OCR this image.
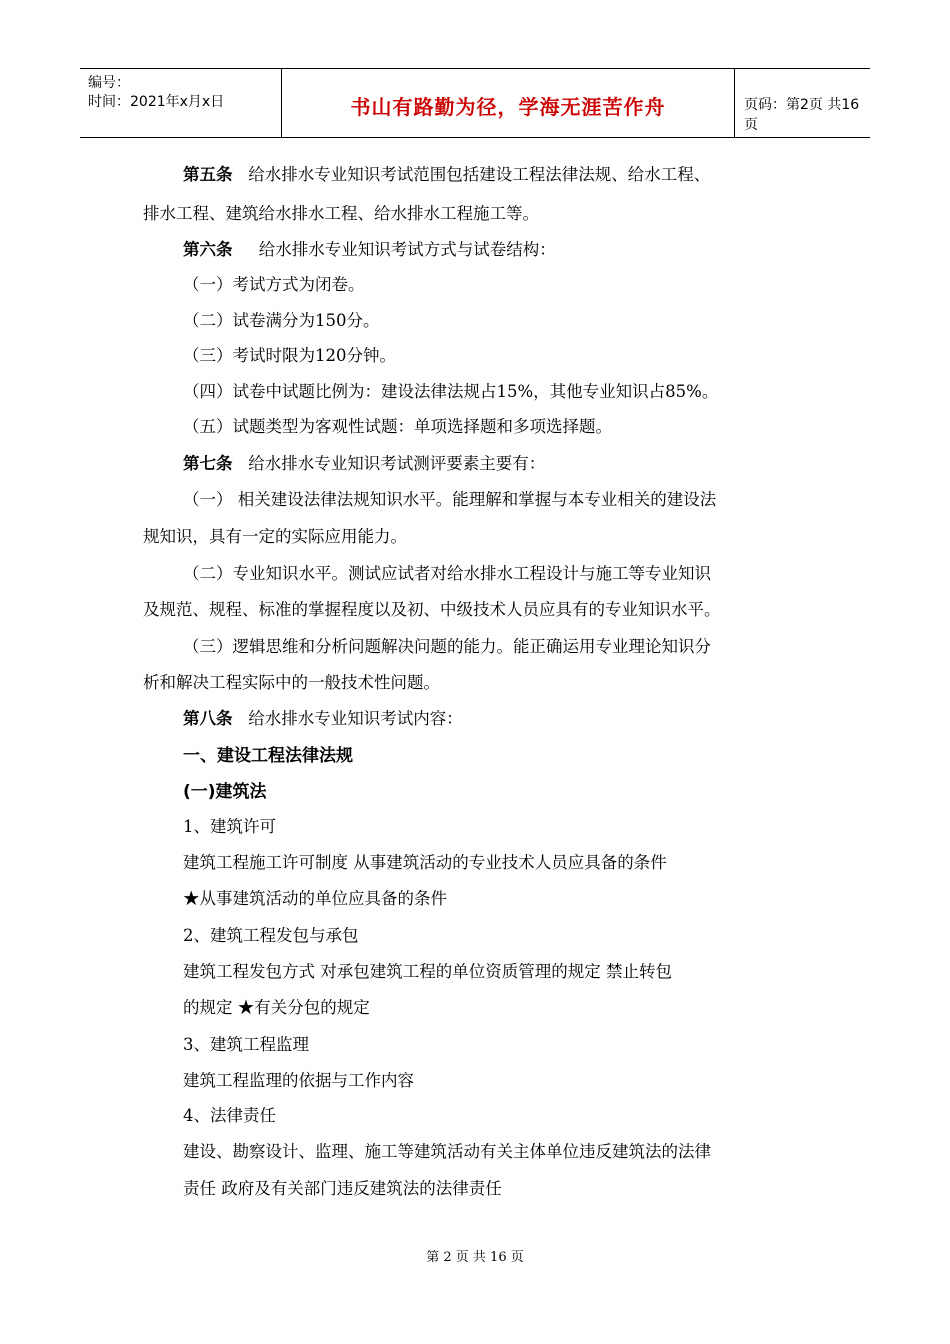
编号：
时间：2021年x月x日	书山有路勤为径，学海无涯苦作舟	页码：第2页 共16页
第五条 给水排水专业知识考试范围包括建设工程法律法规、给水工程、
排水工程、建筑给水排水工程、给水排水工程施工等。
第六条 给水排水专业知识考试方式与试卷结构：
（一）考试方式为闭卷。
（二）试卷满分为150分。
（三）考试时限为120分钟。
（四）试卷中试题比例为：建设法律法规占15%，其他专业知识占85%。
（五）试题类型为客观性试题：单项选择题和多项选择题。
第七条 给水排水专业知识考试测评要素主要有：
（一） 相关建设法律法规知识水平。能理解和掌握与本专业相关的建设法
规知识，具有一定的实际应用能力。
（二）专业知识水平。测试应试者对给水排水工程设计与施工等专业知识
及规范、规程、标准的掌握程度以及初、中级技术人员应具有的专业知识水平。
（三）逻辑思维和分析问题解决问题的能力。能正确运用专业理论知识分
析和解决工程实际中的一般技术性问题。
第八条 给水排水专业知识考试内容：
一、建设工程法律法规
(一)建筑法
1、建筑许可
建筑工程施工许可制度 从事建筑活动的专业技术人员应具备的条件
★从事建筑活动的单位应具备的条件
2、建筑工程发包与承包
建筑工程发包方式 对承包建筑工程的单位资质管理的规定 禁止转包
的规定 ★有关分包的规定
3、建筑工程监理
建筑工程监理的依据与工作内容
4、法律责任
建设、勘察设计、监理、施工等建筑活动有关主体单位违反建筑法的法律
责任 政府及有关部门违反建筑法的法律责任
第 2 页 共 16 页
